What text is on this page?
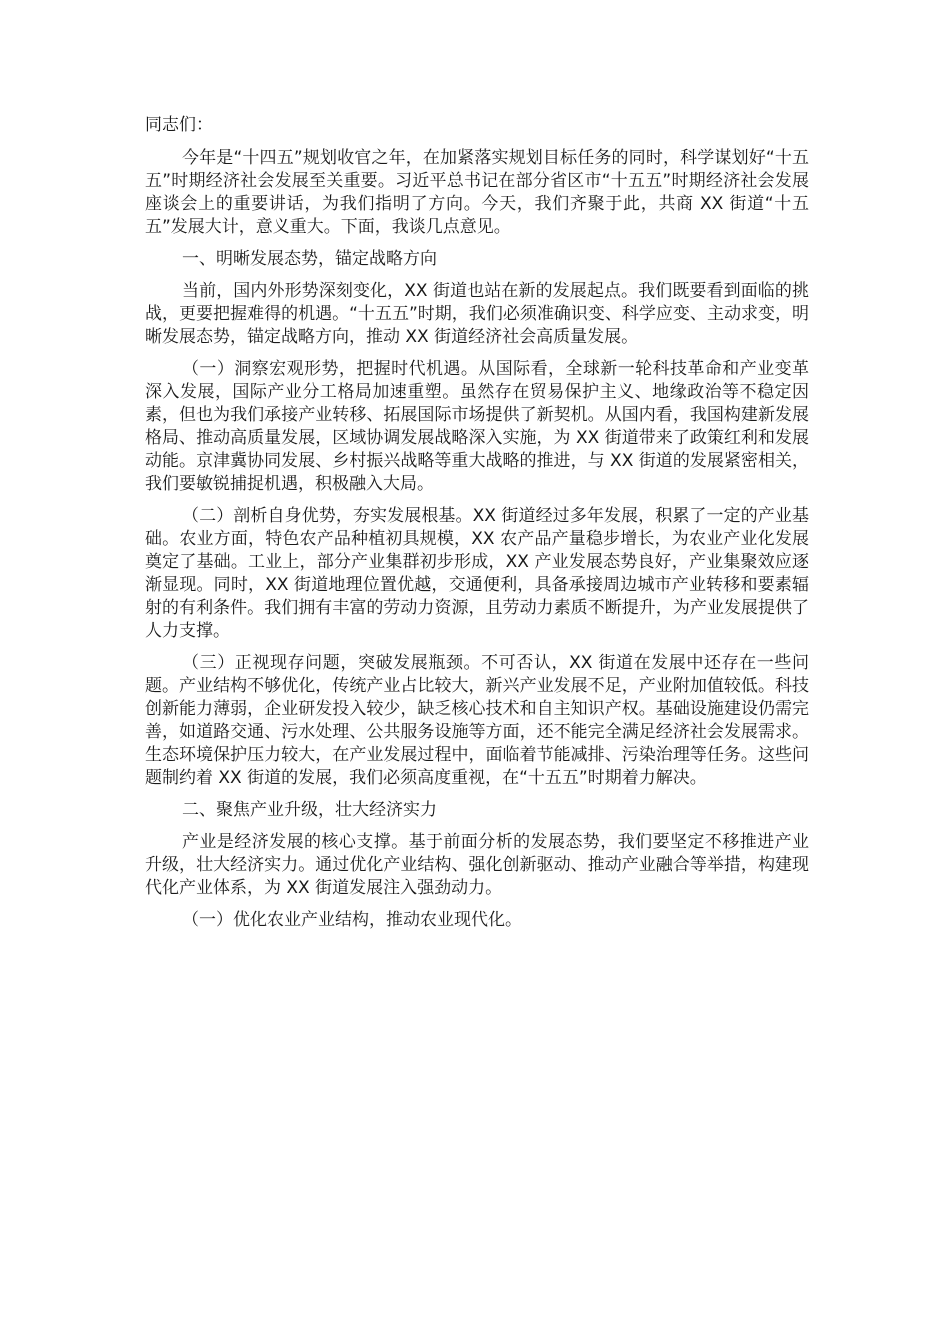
同志们：

今年是“十四五”规划收官之年，在加紧落实规划目标任务的同时，科学谋划好“十五五”时期经济社会发展至关重要。习近平总书记在部分省区市“十五五”时期经济社会发展座谈会上的重要讲话，为我们指明了方向。今天，我们齐聚于此，共商 XX 街道“十五五”发展大计，意义重大。下面，我谈几点意见。

一、明晰发展态势，锚定战略方向

当前，国内外形势深刻变化，XX 街道也站在新的发展起点。我们既要看到面临的挑战，更要把握难得的机遇。“十五五”时期，我们必须准确识变、科学应变、主动求变，明晰发展态势，锚定战略方向，推动 XX 街道经济社会高质量发展。

（一）洞察宏观形势，把握时代机遇。从国际看，全球新一轮科技革命和产业变革深入发展，国际产业分工格局加速重塑。虽然存在贸易保护主义、地缘政治等不稳定因素，但也为我们承接产业转移、拓展国际市场提供了新契机。从国内看，我国构建新发展格局、推动高质量发展，区域协调发展战略深入实施，为 XX 街道带来了政策红利和发展动能。京津冀协同发展、乡村振兴战略等重大战略的推进，与 XX 街道的发展紧密相关，我们要敏锐捕捉机遇，积极融入大局。

（二）剖析自身优势，夯实发展根基。XX 街道经过多年发展，积累了一定的产业基础。农业方面，特色农产品种植初具规模，XX 农产品产量稳步增长，为农业产业化发展奠定了基础。工业上，部分产业集群初步形成，XX 产业发展态势良好，产业集聚效应逐渐显现。同时，XX 街道地理位置优越，交通便利，具备承接周边城市产业转移和要素辐射的有利条件。我们拥有丰富的劳动力资源，且劳动力素质不断提升，为产业发展提供了人力支撑。

（三）正视现存问题，突破发展瓶颈。不可否认，XX 街道在发展中还存在一些问题。产业结构不够优化，传统产业占比较大，新兴产业发展不足，产业附加值较低。科技创新能力薄弱，企业研发投入较少，缺乏核心技术和自主知识产权。基础设施建设仍需完善，如道路交通、污水处理、公共服务设施等方面，还不能完全满足经济社会发展需求。生态环境保护压力较大，在产业发展过程中，面临着节能减排、污染治理等任务。这些问题制约着 XX 街道的发展，我们必须高度重视，在“十五五”时期着力解决。

二、聚焦产业升级，壮大经济实力

产业是经济发展的核心支撑。基于前面分析的发展态势，我们要坚定不移推进产业升级，壮大经济实力。通过优化产业结构、强化创新驱动、推动产业融合等举措，构建现代化产业体系，为 XX 街道发展注入强劲动力。

（一）优化农业产业结构，推动农业现代化。
